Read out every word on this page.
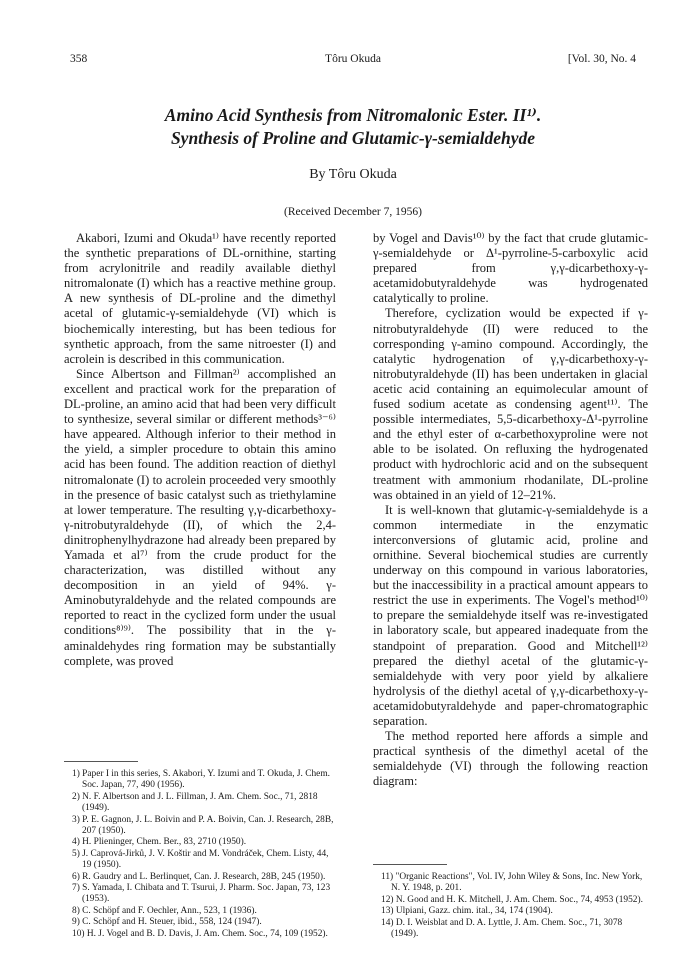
358	Tôru Okuda	[Vol. 30, No. 4
Amino Acid Synthesis from Nitromalonic Ester. II¹⁾.
Synthesis of Proline and Glutamic-γ-semialdehyde
By Tôru Okuda
(Received December 7, 1956)

Akabori, Izumi and Okuda¹⁾ have recently reported the synthetic preparations of DL-ornithine, starting from acrylonitrile and readily available diethyl nitromalonate (I) which has a reactive methine group. A new synthesis of DL-proline and the dimethyl acetal of glutamic-γ-semialdehyde (VI) which is biochemically interesting, but has been tedious for synthetic approach, from the same nitroester (I) and acrolein is described in this communication.

Since Albertson and Fillman²⁾ accomplished an excellent and practical work for the preparation of DL-proline, an amino acid that had been very difficult to synthesize, several similar or different methods³⁻⁶⁾ have appeared. Although inferior to their method in the yield, a simpler procedure to obtain this amino acid has been found. The addition reaction of diethyl nitromalonate (I) to acrolein proceeded very smoothly in the presence of basic catalyst such as triethylamine at lower temperature. The resulting γ,γ-dicarbethoxy-γ-nitrobutyraldehyde (II), of which the 2,4-dinitrophenylhydrazone had already been prepared by Yamada et al⁷⁾ from the crude product for the characterization, was distilled without any decomposition in an yield of 94%. γ-Aminobutyraldehyde and the related compounds are reported to react in the cyclized form under the usual conditions⁸⁾⁹⁾. The possibility that in the γ-aminaldehydes ring formation may be substantially complete, was proved

by Vogel and Davis¹⁰⁾ by the fact that crude glutamic-γ-semialdehyde or Δ¹-pyrroline-5-carboxylic acid prepared from γ,γ-dicarbethoxy-γ-acetamidobutyraldehyde was hydrogenated catalytically to proline.

Therefore, cyclization would be expected if γ-nitrobutyraldehyde (II) were reduced to the corresponding γ-amino compound. Accordingly, the catalytic hydrogenation of γ,γ-dicarbethoxy-γ-nitrobutyraldehyde (II) has been undertaken in glacial acetic acid containing an equimolecular amount of fused sodium acetate as condensing agent¹¹⁾. The possible intermediates, 5,5-dicarbethoxy-Δ¹-pyrroline and the ethyl ester of α-carbethoxyproline were not able to be isolated. On refluxing the hydrogenated product with hydrochloric acid and on the subsequent treatment with ammonium rhodanilate, DL-proline was obtained in an yield of 12–21%.

It is well-known that glutamic-γ-semialdehyde is a common intermediate in the enzymatic interconversions of glutamic acid, proline and ornithine. Several biochemical studies are currently underway on this compound in various laboratories, but the inaccessibility in a practical amount appears to restrict the use in experiments. The Vogel's method¹⁰⁾ to prepare the semialdehyde itself was re-investigated in laboratory scale, but appeared inadequate from the standpoint of preparation. Good and Mitchell¹²⁾ prepared the diethyl acetal of the glutamic-γ-semialdehyde with very poor yield by alkaliere hydrolysis of the diethyl acetal of γ,γ-dicarbethoxy-γ-acetamidobutyraldehyde and paper-chromatographic separation.

The method reported here affords a simple and practical synthesis of the dimethyl acetal of the semialdehyde (VI) through the following reaction diagram:

1) Paper I in this series, S. Akabori, Y. Izumi and T. Okuda, J. Chem. Soc. Japan, 77, 490 (1956).

2) N. F. Albertson and J. L. Fillman, J. Am. Chem. Soc., 71, 2818 (1949).

3) P. E. Gagnon, J. L. Boivin and P. A. Boivin, Can. J. Research, 28B, 207 (1950).

4) H. Plieninger, Chem. Ber., 83, 2710 (1950).

5) J. Caprová-Jirků, J. V. Koštir and M. Vondráček, Chem. Listy, 44, 19 (1950).

6) R. Gaudry and L. Berlinquet, Can. J. Research, 28B, 245 (1950).

7) S. Yamada, I. Chibata and T. Tsurui, J. Pharm. Soc. Japan, 73, 123 (1953).

8) C. Schöpf and F. Oechler, Ann., 523, 1 (1936).

9) C. Schöpf and H. Steuer, ibid., 558, 124 (1947).

10) H. J. Vogel and B. D. Davis, J. Am. Chem. Soc., 74, 109 (1952).

11) "Organic Reactions", Vol. IV, John Wiley & Sons, Inc. New York, N. Y. 1948, p. 201.

12) N. Good and H. K. Mitchell, J. Am. Chem. Soc., 74, 4953 (1952).

13) Ulpiani, Gazz. chim. ital., 34, 174 (1904).

14) D. I. Weisblat and D. A. Lyttle, J. Am. Chem. Soc., 71, 3078 (1949).
